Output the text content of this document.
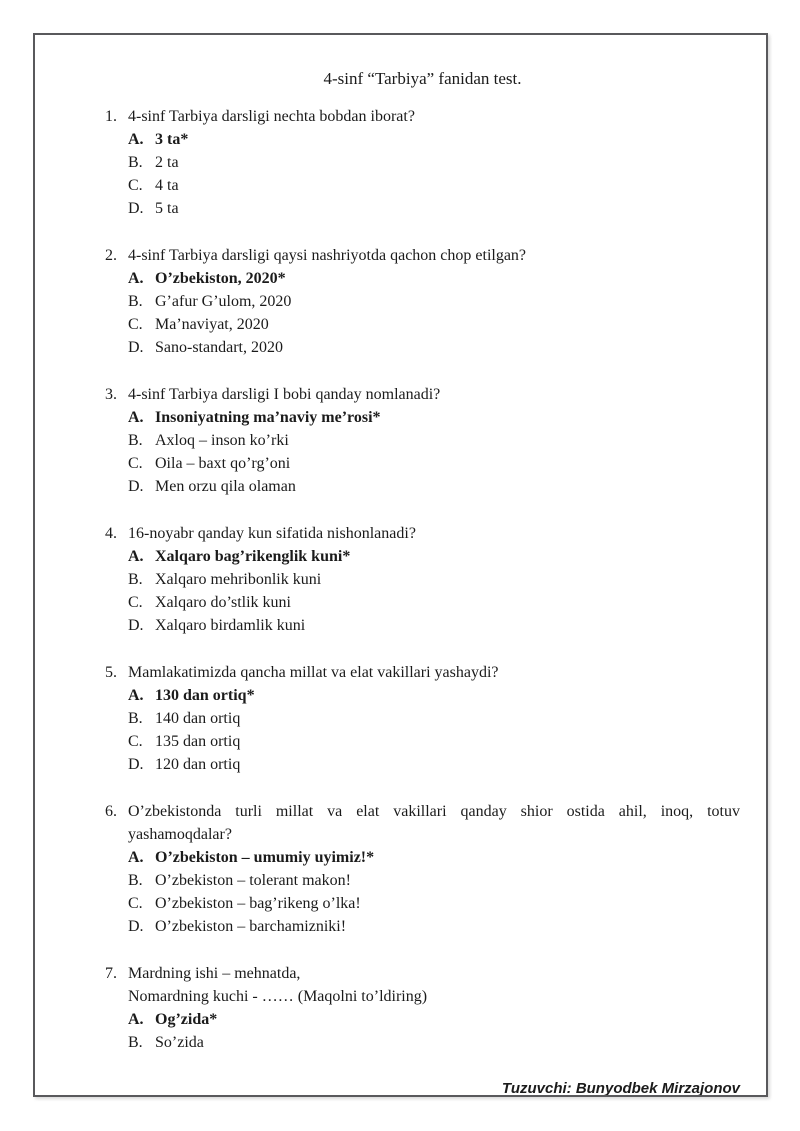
4-sinf “Tarbiya” fanidan test.
1. 4-sinf Tarbiya darsligi nechta bobdan iborat?
A. 3 ta*
B. 2 ta
C. 4 ta
D. 5 ta
2. 4-sinf Tarbiya darsligi qaysi nashriyotda qachon chop etilgan?
A. O’zbekiston, 2020*
B. G’afur G’ulom, 2020
C. Ma’naviyat, 2020
D. Sano-standart, 2020
3. 4-sinf Tarbiya darsligi I bobi qanday nomlanadi?
A. Insoniyatning ma’naviy me’rosi*
B. Axloq – inson ko’rki
C. Oila – baxt qo’rg’oni
D. Men orzu qila olaman
4. 16-noyabr qanday kun sifatida nishonlanadi?
A. Xalqaro bag’rikenglik kuni*
B. Xalqaro mehribonlik kuni
C. Xalqaro do’stlik kuni
D. Xalqaro birdamlik kuni
5. Mamlakatimizda qancha millat va elat vakillari yashaydi?
A. 130 dan ortiq*
B. 140 dan ortiq
C. 135 dan ortiq
D. 120 dan ortiq
6. O’zbekistonda turli millat va elat vakillari qanday shior ostida ahil, inoq, totuv
yashamoqdalar?
A. O’zbekiston – umumiy uyimiz!*
B. O’zbekiston – tolerant makon!
C. O’zbekiston – bag’rikeng o’lka!
D. O’zbekiston – barchamizniki!
7. Mardning ishi – mehnatda,
Nomardning kuchi - …… (Maqolni to’ldiring)
A. Og’zida*
B. So’zida
Tuzuvchi: Bunyodbek Mirzajonov
